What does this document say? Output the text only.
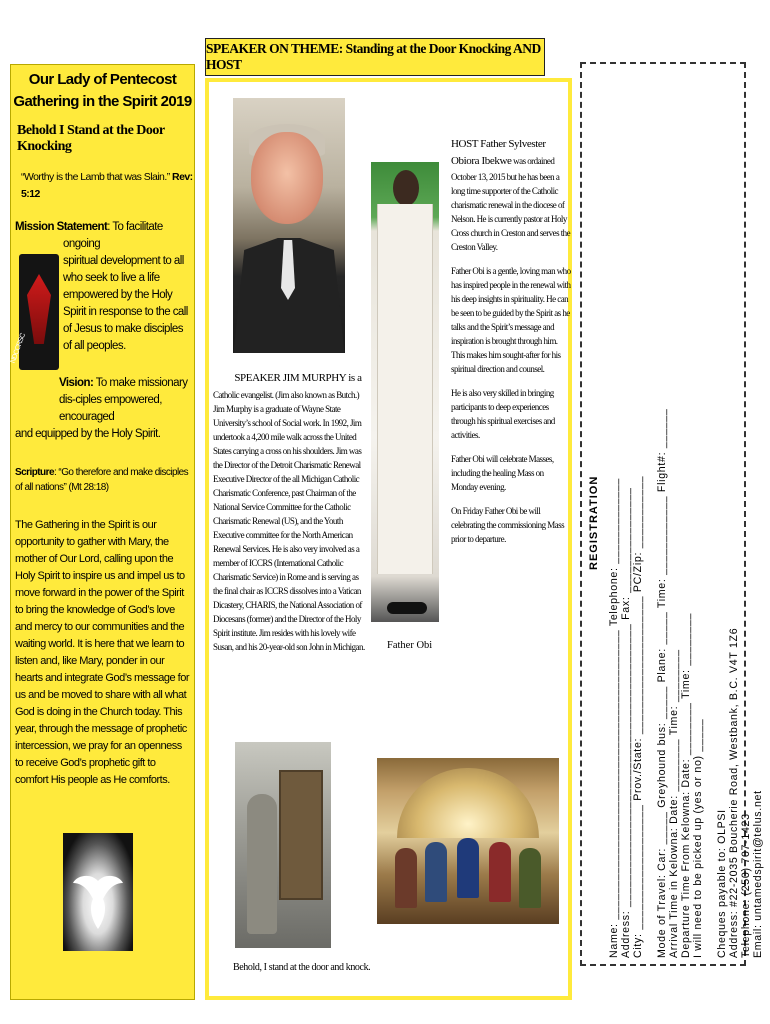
Our Lady of Pentecost
Gathering in the Spirit 2019
Behold I Stand at the Door Knocking
“Worthy is the Lamb that was Slain.” Rev: 5:12
Mission Statement: To facilitate ongoing
NDCCRSC
spiritual development to all who seek to live a life empowered by the Holy Spirit in response to the call of Jesus to make disciples of all peoples.
Vision: To make missionary dis-ciples empowered, encouraged
and equipped by the Holy Spirit.
Scripture: “Go therefore and make disciples of all nations” (Mt 28:18)
The Gathering in the Spirit is our opportunity to gather with Mary, the mother of Our Lord, calling upon the Holy Spirit to inspire us and impel us to move forward in the power of the Spirit to bring the knowledge of God’s love and mercy to our communities and the waiting world. It is here that we learn to listen and, like Mary, ponder in our hearts and integrate God’s message for us and be moved to share with all what God is doing in the Church today. This year, through the message of prophetic intercession, we pray for an openness to receive God’s prophetic gift to comfort His people as He comforts.
SPEAKER ON THEME: Standing at the Door Knocking AND HOST
SPEAKER JIM MURPHY is a
Catholic evangelist. (Jim also known as Butch.) Jim Murphy is a graduate of Wayne State University’s school of Social work. In 1992, Jim undertook a 4,200 mile walk across the United States carrying a cross on his shoulders. Jim was the Director of the Detroit Charismatic Renewal Executive Director of the all Michigan Catholic Charismatic Conference, past Chairman of the National Service Committee for the Catholic Charismatic Renewal (US), and the Youth Executive committee for the North American Renewal Services. He is also very involved as a member of ICCRS (International Catholic Charismatic Service) in Rome and is serving as the final chair as ICCRS dissolves into a Vatican Dicastery, CHARIS, the National Association of Diocesans (former) and the Director of the Holy Spirit institute. Jim resides with his lovely wife Susan, and his 20-year-old son John in Michigan. Father Obi

HOST Father Sylvester Obiora Ibekwe was ordained October 13, 2015 but he has been a long time supporter of the Catholic charismatic renewal in the diocese of Nelson. He is currently pastor at Holy Cross church in Creston and serves the Creston Valley.

Father Obi is a gentle, loving man who has inspired people in the renewal with his deep insights in spirituality. He can be seen to be guided by the Spirit as he talks and the Spirit’s message and inspiration is brought through him. This makes him sought-after for his spiritual direction and counsel.

He is also very skilled in bringing participants to deep experiences through his spiritual exercises and activities.

Father Obi will celebrate Masses, including the healing Mass on Monday evening.

On Friday Father Obi be will celebrating the commissioning Mass prior to departure.

Behold, I stand at the door and knock.
REGISTRATION Name: ____________________________________________ Telephone: _____________ Address: ___________________________________________ Fax: ________________ City: ___________________ Prov./State: _____________________ PC/Zip: ___________ Mode of Travel: Car: _____ Greyhound bus: _____ Plane: _____ Time: ____________ Flight#: ______ Arrival Time in Kelowna: Date: ________ Time: ________ Departure Time From Kelowna: Date: ________ Time: ________ I will need to be picked up (yes or no) _____ Cheques payable to: OLPSI Address: #22-2035 Boucherie Road, Westbank, B.C. V4T 1Z6 Telephone: (250) 707-1423 Email: untamedspirit@telus.net
